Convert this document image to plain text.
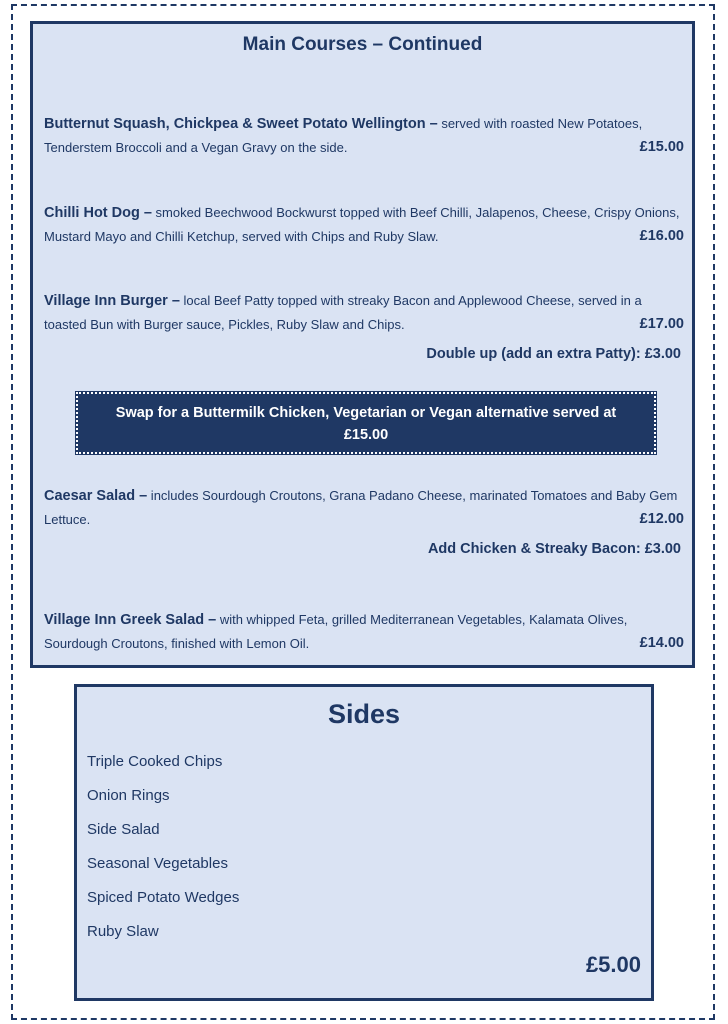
Main Courses – Continued
Butternut Squash, Chickpea & Sweet Potato Wellington – served with roasted New Potatoes, Tenderstem Broccoli and a Vegan Gravy on the side.	£15.00
Chilli Hot Dog – smoked Beechwood Bockwurst topped with Beef Chilli, Jalapenos, Cheese, Crispy Onions, Mustard Mayo and Chilli Ketchup, served with Chips and Ruby Slaw.	£16.00
Village Inn Burger – local Beef Patty topped with streaky Bacon and Applewood Cheese, served in a toasted Bun with Burger sauce, Pickles, Ruby Slaw and Chips.	£17.00
Double up (add an extra Patty): £3.00
Swap for a Buttermilk Chicken, Vegetarian or Vegan alternative served at £15.00
Caesar Salad – includes Sourdough Croutons, Grana Padano Cheese, marinated Tomatoes and Baby Gem Lettuce.	£12.00
Add Chicken & Streaky Bacon: £3.00
Village Inn Greek Salad – with whipped Feta, grilled Mediterranean Vegetables, Kalamata Olives, Sourdough Croutons, finished with Lemon Oil.	£14.00
Sides
Triple Cooked Chips
Onion Rings
Side Salad
Seasonal Vegetables
Spiced Potato Wedges
Ruby Slaw
£5.00
